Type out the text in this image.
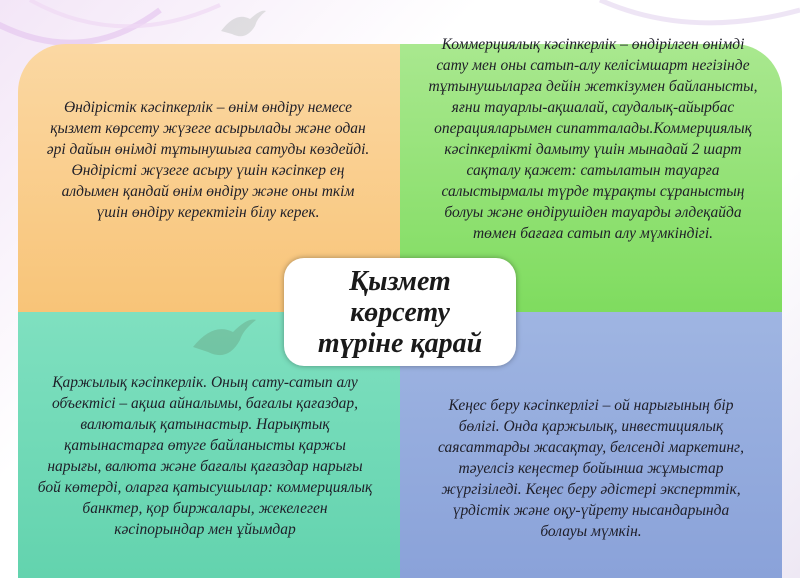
Өндірістік кәсіпкерлік – өнім өндіру немесе қызмет көрсету жүзеге асырылады және одан әрі дайын өнімді тұтынушыға сатуды көздейді. Өндірісті жүзеге асыру үшін кәсіпкер ең алдымен қандай өнім өндіру және оны ткім үшін өндіру керектігін білу керек.
Коммерциялық кәсіпкерлік – өндірілген өнімді сату мен оны сатып-алу келісімшарт негізінде тұтынушыларға дейін жеткізумен байланысты, яғни тауарлы-ақшалай, саудалық-айырбас операцияларымен сипатталады.Коммерциялық кәсіпкерлікті дамыту үшін мынадай 2 шарт сақталу қажет: сатылатын тауарға салыстырмалы түрде тұрақты сұраныстың болуы және өндірушіден тауарды әлдеқайда төмен бағаға сатып алу мүмкіндігі.
Қаржылық кәсіпкерлік. Оның сату-сатып алу объектісі – ақша айналымы, бағалы қағаздар, валюталық қатынастыр. Нарықтық қатынастарға өтуге байланысты қаржы нарығы, валюта және бағалы қағаздар нарығы бой көтерді, оларға қатысушылар: коммерциялық банктер, қор биржалары, жекелеген кәсіпорындар мен ұйымдар
Кеңес беру кәсіпкерлігі – ой нарығының бір бөлігі. Онда қаржылық, инвестициялық саясаттарды жасақтау, белсенді маркетинг, тәуелсіз кеңестер бойынша жұмыстар жүргізіледі. Кеңес беру әдістері эксперттік, үрдістік және оқу-үйрету нысандарында болауы мүмкін.
Қызмет
көрсету
түріне қарай
